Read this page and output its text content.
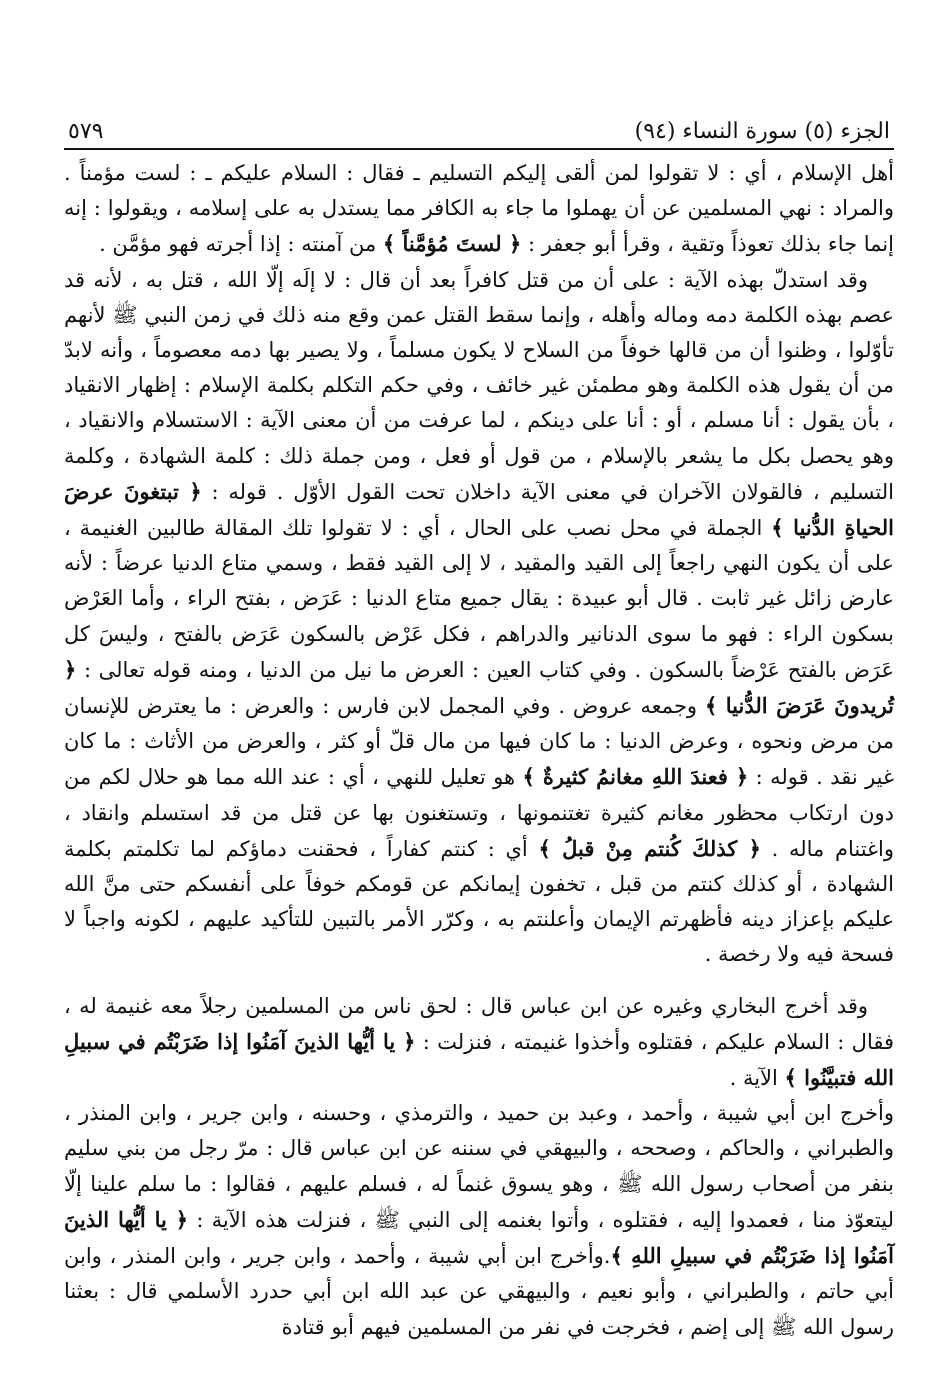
الجزء (٥) سورة النساء (٩٤)
٥٧٩

أهل الإسلام ، أي : لا تقولوا لمن ألقى إليكم التسليم ـ فقال : السلام عليكم ـ : لست مؤمناً . والمراد : نهي المسلمين عن أن يهملوا ما جاء به الكافر مما يستدل به على إسلامه ، ويقولوا : إنه إنما جاء بذلك تعوذاً وتقية ، وقرأ أبو جعفر : ﴿ لستَ مُؤمَّناً ﴾ من آمنته : إذا أجرته فهو مؤمَّن .

وقد استدلّ بهذه الآية : على أن من قتل كافراً بعد أن قال : لا إلَه إلّا الله ، قتل به ، لأنه قد عصم بهذه الكلمة دمه وماله وأهله ، وإنما سقط القتل عمن وقع منه ذلك في زمن النبي ﷺ لأنهم تأوّلوا ، وظنوا أن من قالها خوفاً من السلاح لا يكون مسلماً ، ولا يصير بها دمه معصوماً ، وأنه لابدّ من أن يقول هذه الكلمة وهو مطمئن غير خائف ، وفي حكم التكلم بكلمة الإسلام : إظهار الانقياد ، بأن يقول : أنا مسلم ، أو : أنا على دينكم ، لما عرفت من أن معنى الآية : الاستسلام والانقياد ، وهو يحصل بكل ما يشعر بالإسلام ، من قول أو فعل ، ومن جملة ذلك : كلمة الشهادة ، وكلمة التسليم ، فالقولان الآخران في معنى الآية داخلان تحت القول الأوّل . قوله : ﴿ تبتغونَ عرضَ الحياةِ الدُّنيا ﴾ الجملة في محل نصب على الحال ، أي : لا تقولوا تلك المقالة طالبين الغنيمة ، على أن يكون النهي راجعاً إلى القيد والمقيد ، لا إلى القيد فقط ، وسمي متاع الدنيا عرضاً : لأنه عارض زائل غير ثابت . قال أبو عبيدة : يقال جميع متاع الدنيا : عَرَض ، بفتح الراء ، وأما العَرْض بسكون الراء : فهو ما سوى الدنانير والدراهم ، فكل عَرْض بالسكون عَرَض بالفتح ، وليسَ كل عَرَض بالفتح عَرْضاً بالسكون . وفي كتاب العين : العرض ما نيل من الدنيا ، ومنه قوله تعالى : ﴿ تُريدونَ عَرَضَ الدُّنيا ﴾ وجمعه عروض . وفي المجمل لابن فارس : والعرض : ما يعترض للإنسان من مرض ونحوه ، وعرض الدنيا : ما كان فيها من مال قلّ أو كثر ، والعرض من الأثاث : ما كان غير نقد . قوله : ﴿ فعندَ اللهِ مغانمُ كثيرةٌ ﴾ هو تعليل للنهي ، أي : عند الله مما هو حلال لكم من دون ارتكاب محظور مغانم كثيرة تغتنمونها ، وتستغنون بها عن قتل من قد استسلم وانقاد ، واغتنام ماله . ﴿ كذلكَ كُنتم مِنْ قبلُ ﴾ أي : كنتم كفاراً ، فحقنت دماؤكم لما تكلمتم بكلمة الشهادة ، أو كذلك كنتم من قبل ، تخفون إيمانكم عن قومكم خوفاً على أنفسكم حتى منَّ الله عليكم بإعزاز دينه فأظهرتم الإيمان وأعلنتم به ، وكرّر الأمر بالتبين للتأكيد عليهم ، لكونه واجباً لا فسحة فيه ولا رخصة .

وقد أخرج البخاري وغيره عن ابن عباس قال : لحق ناس من المسلمين رجلاً معه غنيمة له ، فقال : السلام عليكم ، فقتلوه وأخذوا غنيمته ، فنزلت : ﴿ يا أيُّها الذينَ آمَنُوا إذا ضَرَبْتُم في سبيلِ الله فتبيَّنُوا ﴾ الآية .

وأخرج ابن أبي شيبة ، وأحمد ، وعبد بن حميد ، والترمذي ، وحسنه ، وابن جرير ، وابن المنذر ، والطبراني ، والحاكم ، وصححه ، والبيهقي في سننه عن ابن عباس قال : مرّ رجل من بني سليم بنفر من أصحاب رسول الله ﷺ ، وهو يسوق غنماً له ، فسلم عليهم ، فقالوا : ما سلم علينا إلّا ليتعوّذ منا ، فعمدوا إليه ، فقتلوه ، وأتوا بغنمه إلى النبي ﷺ ، فنزلت هذه الآية : ﴿ يا أيُّها الذينَ آمَنُوا إذا ضَرَبْتُم في سبيلِ اللهِ ﴾.وأخرج ابن أبي شيبة ، وأحمد ، وابن جرير ، وابن المنذر ، وابن أبي حاتم ، والطبراني ، وأبو نعيم ، والبيهقي عن عبد الله ابن أبي حدرد الأسلمي قال : بعثنا رسول الله ﷺ إلى إضم ، فخرجت في نفر من المسلمين فيهم أبو قتادة
